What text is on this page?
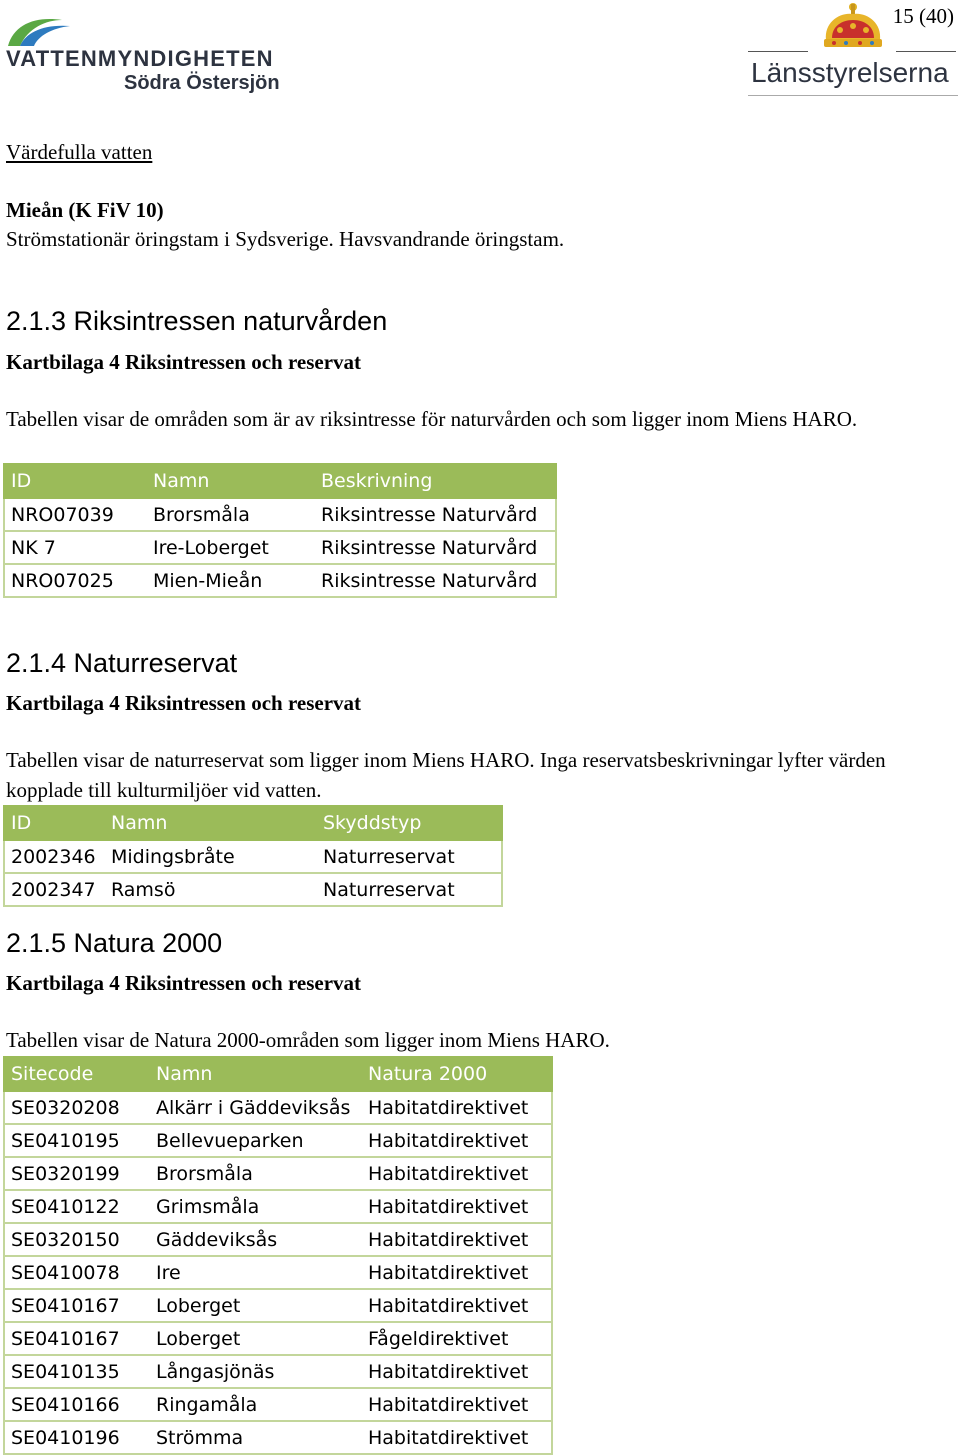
15 (40)
VATTENMYNDIGHETEN
Södra Östersjön	Länsstyrelserna
Värdefulla vatten
Mieån (K FiV 10)
Strömstationär öringstam i Sydsverige. Havsvandrande öringstam.
2.1.3 Riksintressen naturvården
Kartbilaga 4 Riksintressen och reservat
Tabellen visar de områden som är av riksintresse för naturvården och som ligger inom Miens HARO.
ID	Namn	Beskrivning
NRO07039	Brorsmåla	Riksintresse Naturvård
NK 7	Ire-Loberget	Riksintresse Naturvård
NRO07025	Mien-Mieån	Riksintresse Naturvård
2.1.4 Naturreservat
Kartbilaga 4 Riksintressen och reservat
Tabellen visar de naturreservat som ligger inom Miens HARO. Inga reservatsbeskrivningar lyfter värden kopplade till kulturmiljöer vid vatten.
ID	Namn	Skyddstyp
2002346	Midingsbråte	Naturreservat
2002347	Ramsö	Naturreservat
2.1.5 Natura 2000
Kartbilaga 4 Riksintressen och reservat
Tabellen visar de Natura 2000-områden som ligger inom Miens HARO.
Sitecode	Namn	Natura 2000
SE0320208	Alkärr i Gäddeviksås	Habitatdirektivet
SE0410195	Bellevueparken	Habitatdirektivet
SE0320199	Brorsmåla	Habitatdirektivet
SE0410122	Grimsmåla	Habitatdirektivet
SE0320150	Gäddeviksås	Habitatdirektivet
SE0410078	Ire	Habitatdirektivet
SE0410167	Loberget	Habitatdirektivet
SE0410167	Loberget	Fågeldirektivet
SE0410135	Långasjönäs	Habitatdirektivet
SE0410166	Ringamåla	Habitatdirektivet
SE0410196	Strömma	Habitatdirektivet
